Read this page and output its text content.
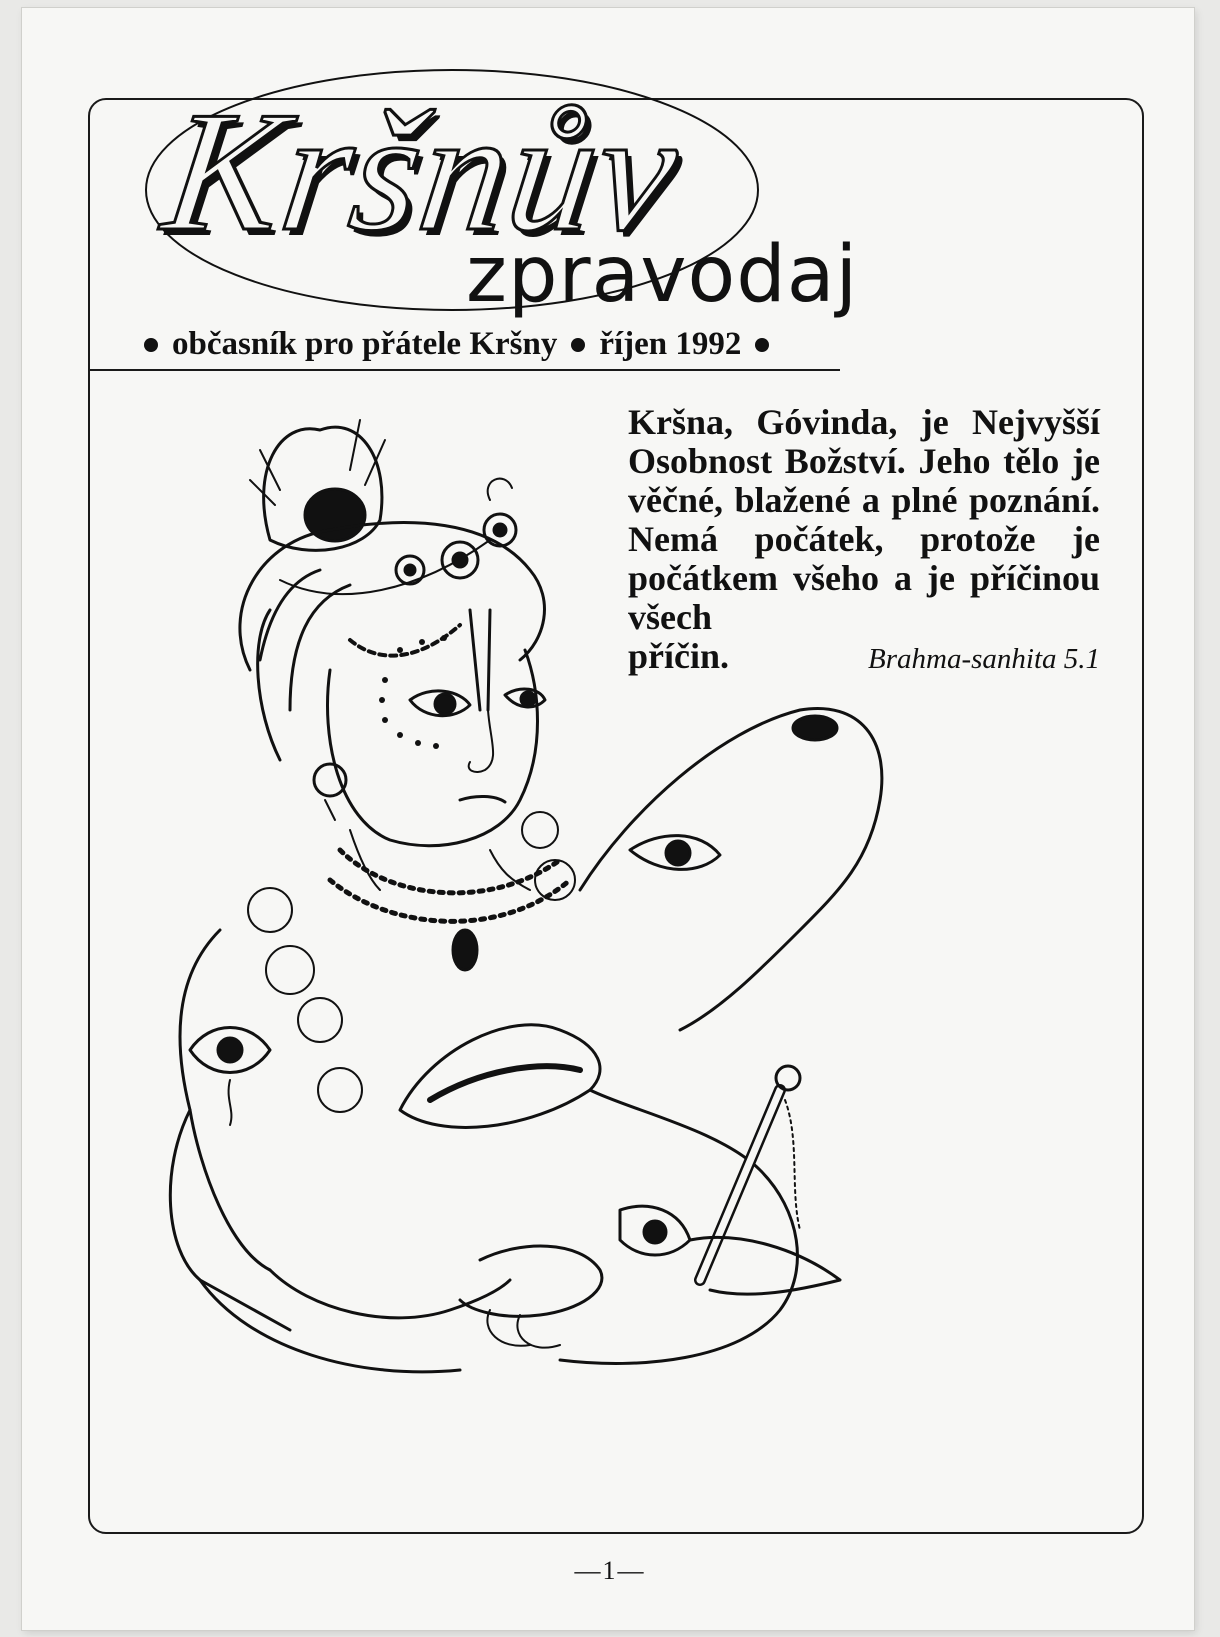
Kršnův
zpravodaj
občasník pro přátele Kršny říjen 1992
Kršna, Góvinda, je Nejvyšší Osobnost Božství. Jeho tělo je věčné, blažené a plné poznání. Nemá počátek, protože je počátkem všeho a je příčinou všech
příčin.	Brahma-sanhita 5.1
—1—
